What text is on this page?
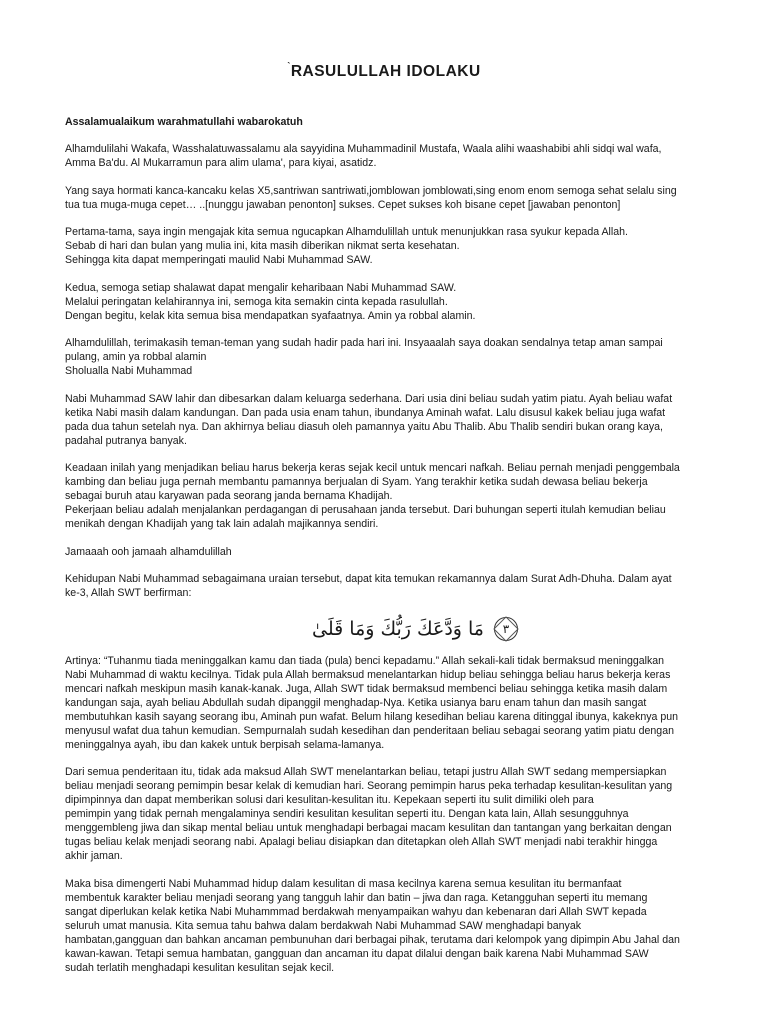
`RASULULLAH IDOLAKU

Assalamualaikum warahmatullahi wabarokatuh

Alhamdulilahi Wakafa, Wasshalatuwassalamu ala sayyidina Muhammadinil Mustafa, Waala alihi waashabibi ahli sidqi wal wafa,
Amma Ba'du. Al Mukarramun para alim ulama', para kiyai, asatidz.

Yang saya hormati kanca-kancaku kelas X5,santriwan santriwati,jomblowan jomblowati,sing enom enom semoga sehat selalu sing
tua tua muga-muga cepet… ..[nunggu jawaban penonton] sukses. Cepet sukses koh bisane cepet [jawaban penonton]

Pertama-tama, saya ingin mengajak kita semua ngucapkan Alhamdulillah untuk menunjukkan rasa syukur kepada Allah.
Sebab di hari dan bulan yang mulia ini, kita masih diberikan nikmat serta kesehatan.
Sehingga kita dapat memperingati maulid Nabi Muhammad SAW.

Kedua, semoga setiap shalawat dapat mengalir keharibaan Nabi Muhammad SAW.
Melalui peringatan kelahirannya ini, semoga kita semakin cinta kepada rasulullah.
Dengan begitu, kelak kita semua bisa mendapatkan syafaatnya. Amin ya robbal alamin.

Alhamdulillah, terimakasih teman-teman yang sudah hadir pada hari ini. Insyaaalah saya doakan sendalnya tetap aman sampai
pulang, amin ya robbal alamin
Sholualla Nabi Muhammad

Nabi Muhammad SAW lahir dan dibesarkan dalam keluarga sederhana. Dari usia dini beliau sudah yatim piatu. Ayah beliau wafat
ketika Nabi masih dalam kandungan. Dan pada usia enam tahun, ibundanya Aminah wafat. Lalu disusul kakek beliau juga wafat
pada dua tahun setelah nya. Dan akhirnya beliau diasuh oleh pamannya yaitu Abu Thalib. Abu Thalib sendiri bukan orang kaya,
padahal putranya banyak.

Keadaan inilah yang menjadikan beliau harus bekerja keras sejak kecil untuk mencari nafkah. Beliau pernah menjadi penggembala
kambing dan beliau juga pernah membantu pamannya berjualan di Syam. Yang terakhir ketika sudah dewasa beliau bekerja
sebagai buruh atau karyawan pada seorang janda bernama Khadijah.
Pekerjaan beliau adalah menjalankan perdagangan di perusahaan janda tersebut. Dari buhungan seperti itulah kemudian beliau
menikah dengan Khadijah yang tak lain adalah majikannya sendiri.

Jamaaah ooh jamaah alhamdulillah

Kehidupan Nabi Muhammad sebagaimana uraian tersebut, dapat kita temukan rekamannya dalam Surat Adh-Dhuha. Dalam ayat
ke-3, Allah SWT berfirman:

مَا وَدَّعَكَ رَبُّكَ وَمَا قَلَىٰ ٣

Artinya: “Tuhanmu tiada meninggalkan kamu dan tiada (pula) benci kepadamu.” Allah sekali-kali tidak bermaksud meninggalkan
Nabi Muhammad di waktu kecilnya. Tidak pula Allah bermaksud menelantarkan hidup beliau sehingga beliau harus bekerja keras
mencari nafkah meskipun masih kanak-kanak. Juga, Allah SWT tidak bermaksud membenci beliau sehingga ketika masih dalam
kandungan saja, ayah beliau Abdullah sudah dipanggil menghadap-Nya. Ketika usianya baru enam tahun dan masih sangat
membutuhkan kasih sayang seorang ibu, Aminah pun wafat. Belum hilang kesedihan beliau karena ditinggal ibunya, kakeknya pun
menyusul wafat dua tahun kemudian. Sempurnalah sudah kesedihan dan penderitaan beliau sebagai seorang yatim piatu dengan
meninggalnya ayah, ibu dan kakek untuk berpisah selama-lamanya.

Dari semua penderitaan itu, tidak ada maksud Allah SWT menelantarkan beliau, tetapi justru Allah SWT sedang mempersiapkan
beliau menjadi seorang pemimpin besar kelak di kemudian hari. Seorang pemimpin harus peka terhadap kesulitan-kesulitan yang
dipimpinnya dan dapat memberikan solusi dari kesulitan-kesulitan itu. Kepekaan seperti itu sulit dimiliki oleh para
pemimpin yang tidak pernah mengalaminya sendiri kesulitan kesulitan seperti itu. Dengan kata lain, Allah sesungguhnya
menggembleng jiwa dan sikap mental beliau untuk menghadapi berbagai macam kesulitan dan tantangan yang berkaitan dengan
tugas beliau kelak menjadi seorang nabi. Apalagi beliau disiapkan dan ditetapkan oleh Allah SWT menjadi nabi terakhir hingga
akhir jaman.

Maka bisa dimengerti Nabi Muhammad hidup dalam kesulitan di masa kecilnya karena semua kesulitan itu bermanfaat
membentuk karakter beliau menjadi seorang yang tangguh lahir dan batin – jiwa dan raga. Ketangguhan seperti itu memang
sangat diperlukan kelak ketika Nabi Muhammmad berdakwah menyampaikan wahyu dan kebenaran dari Allah SWT kepada
seluruh umat manusia. Kita semua tahu bahwa dalam berdakwah Nabi Muhammad SAW menghadapi banyak
hambatan,gangguan dan bahkan ancaman pembunuhan dari berbagai pihak, terutama dari kelompok yang dipimpin Abu Jahal dan
kawan-kawan. Tetapi semua hambatan, gangguan dan ancaman itu dapat dilalui dengan baik karena Nabi Muhammad SAW
sudah terlatih menghadapi kesulitan kesulitan sejak kecil.
